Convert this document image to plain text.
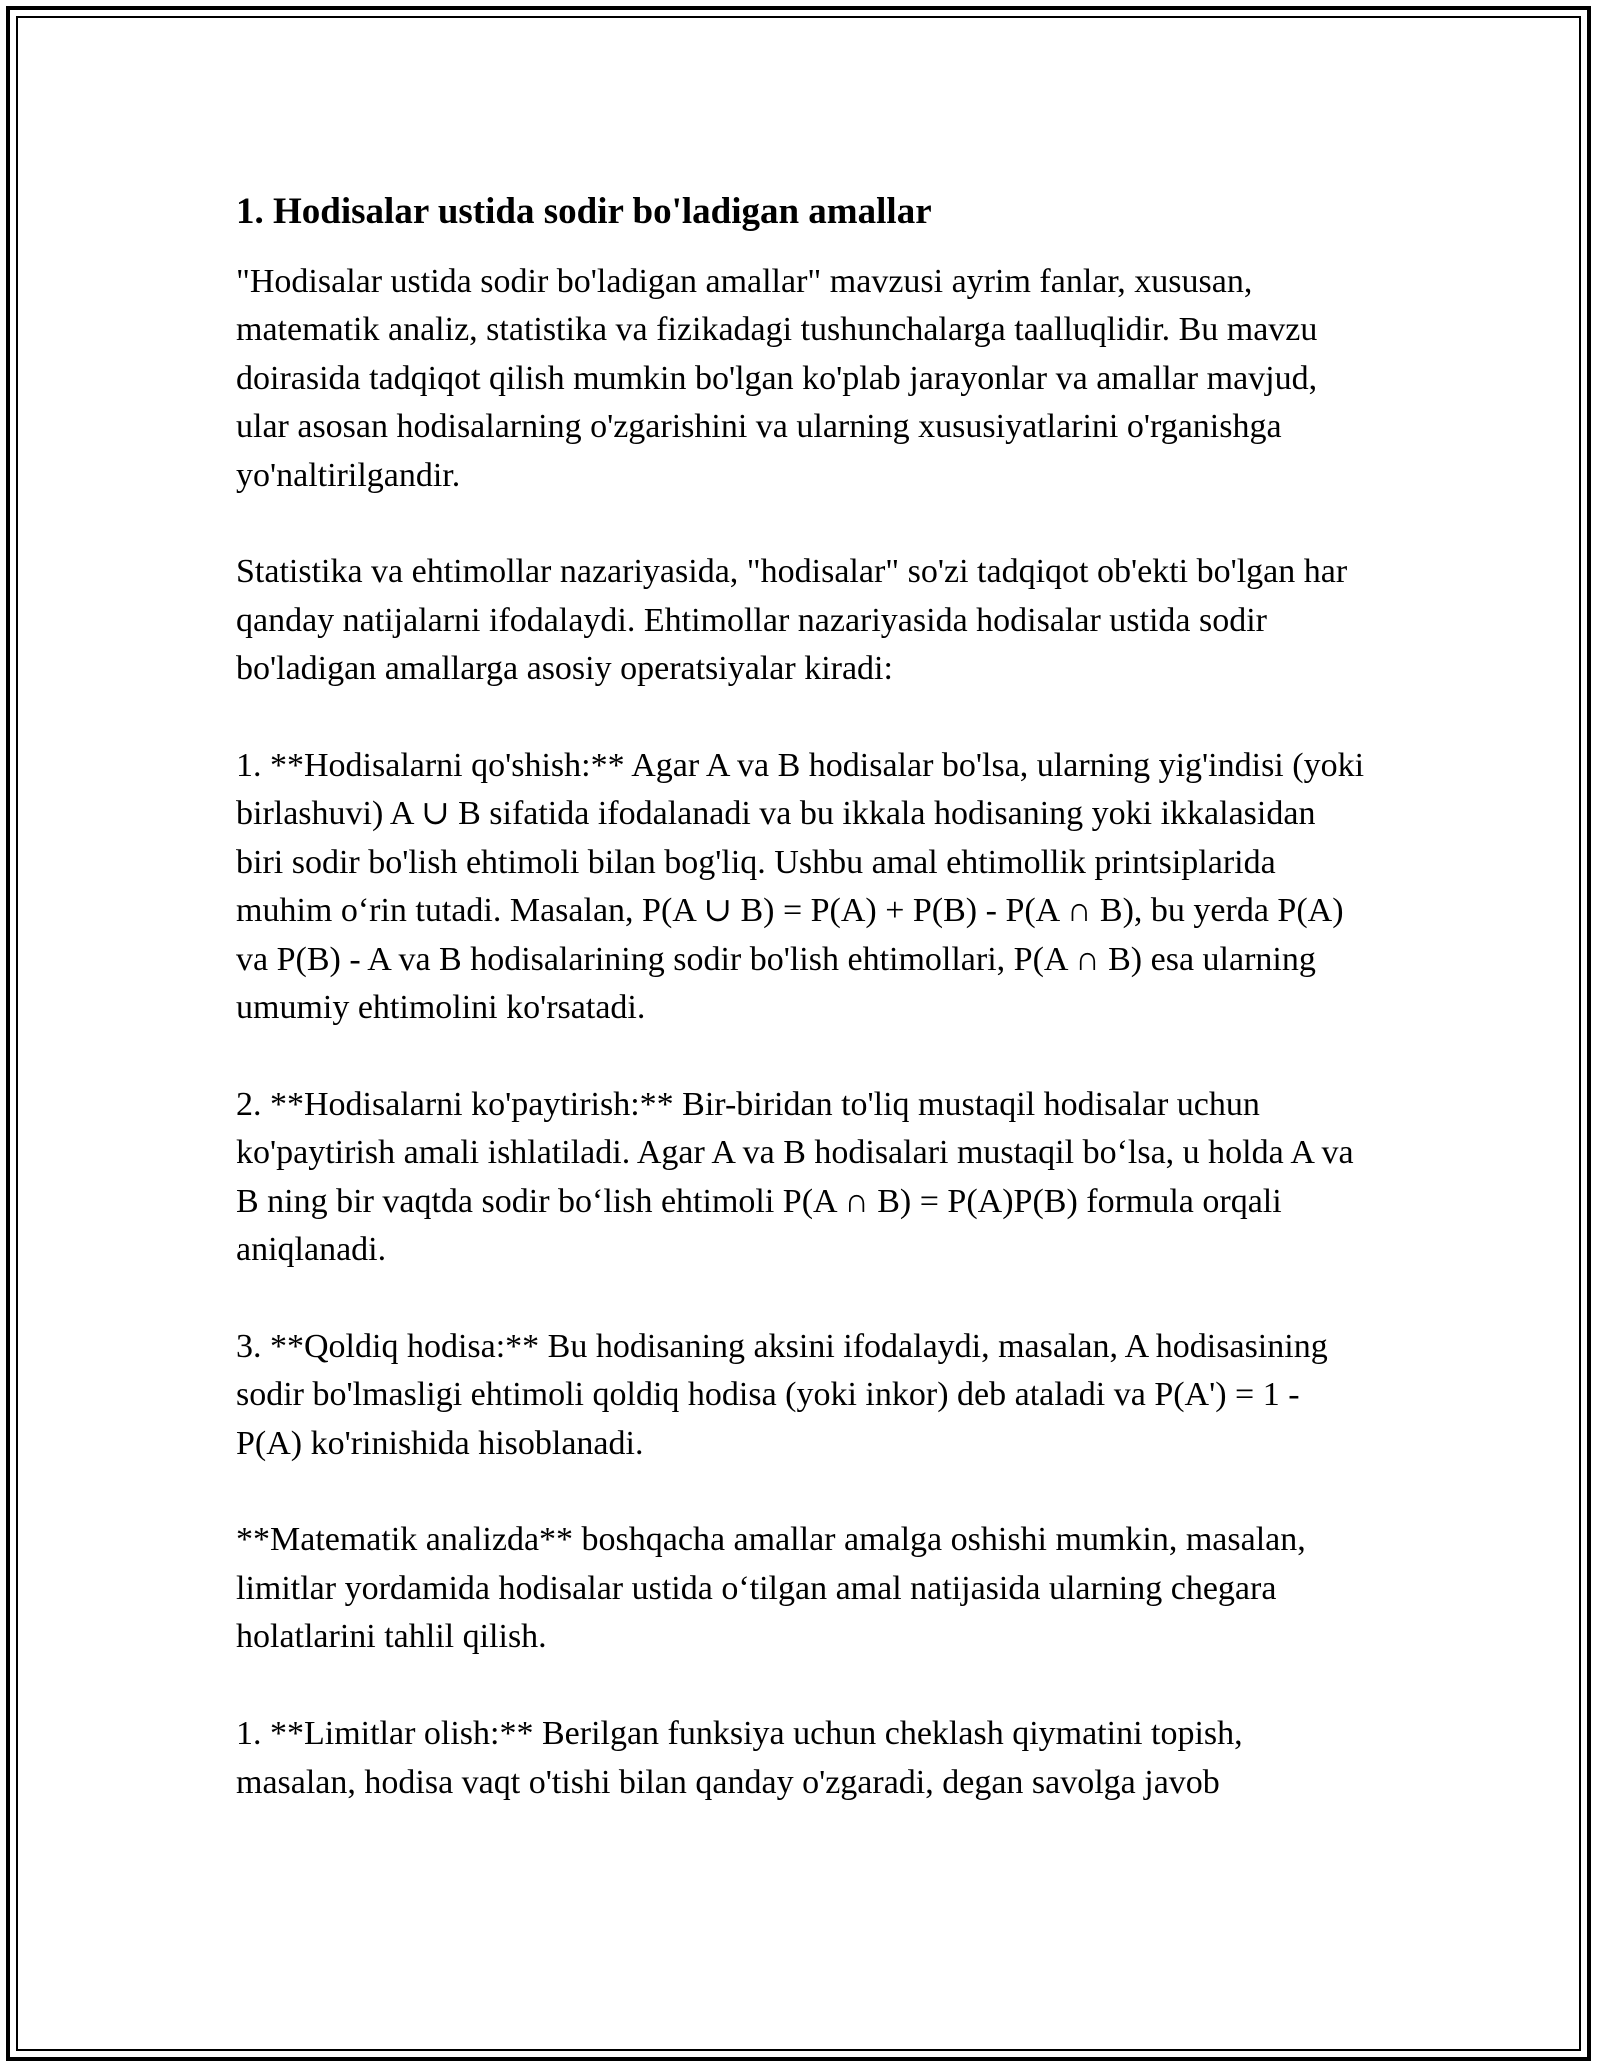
1. Hodisalar ustida sodir bo'ladigan amallar

"Hodisalar ustida sodir bo'ladigan amallar" mavzusi ayrim fanlar, xususan, matematik analiz, statistika va fizikadagi tushunchalarga taalluqlidir. Bu mavzu doirasida tadqiqot qilish mumkin bo'lgan ko'plab jarayonlar va amallar mavjud, ular asosan hodisalarning o'zgarishini va ularning xususiyatlarini o'rganishga yo'naltirilgandir.

Statistika va ehtimollar nazariyasida, "hodisalar" so'zi tadqiqot ob'ekti bo'lgan har qanday natijalarni ifodalaydi. Ehtimollar nazariyasida hodisalar ustida sodir bo'ladigan amallarga asosiy operatsiyalar kiradi:

1. **Hodisalarni qo'shish:** Agar A va B hodisalar bo'lsa, ularning yig'indisi (yoki birlashuvi) A ∪ B sifatida ifodalanadi va bu ikkala hodisaning yoki ikkalasidan biri sodir bo'lish ehtimoli bilan bog'liq. Ushbu amal ehtimollik printsiplarida muhim o‘rin tutadi. Masalan, P(A ∪ B) = P(A) + P(B) - P(A ∩ B), bu yerda P(A) va P(B) - A va B hodisalarining sodir bo'lish ehtimollari, P(A ∩ B) esa ularning umumiy ehtimolini ko'rsatadi.

2. **Hodisalarni ko'paytirish:** Bir-biridan to'liq mustaqil hodisalar uchun ko'paytirish amali ishlatiladi. Agar A va B hodisalari mustaqil bo‘lsa, u holda A va B ning bir vaqtda sodir bo‘lish ehtimoli P(A ∩ B) = P(A)P(B) formula orqali aniqlanadi.

3. **Qoldiq hodisa:** Bu hodisaning aksini ifodalaydi, masalan, A hodisasining sodir bo'lmasligi ehtimoli qoldiq hodisa (yoki inkor) deb ataladi va P(A') = 1 - P(A) ko'rinishida hisoblanadi.

**Matematik analizda** boshqacha amallar amalga oshishi mumkin, masalan, limitlar yordamida hodisalar ustida o‘tilgan amal natijasida ularning chegara holatlarini tahlil qilish.

1. **Limitlar olish:** Berilgan funksiya uchun cheklash qiymatini topish, masalan, hodisa vaqt o'tishi bilan qanday o'zgaradi, degan savolga javob
